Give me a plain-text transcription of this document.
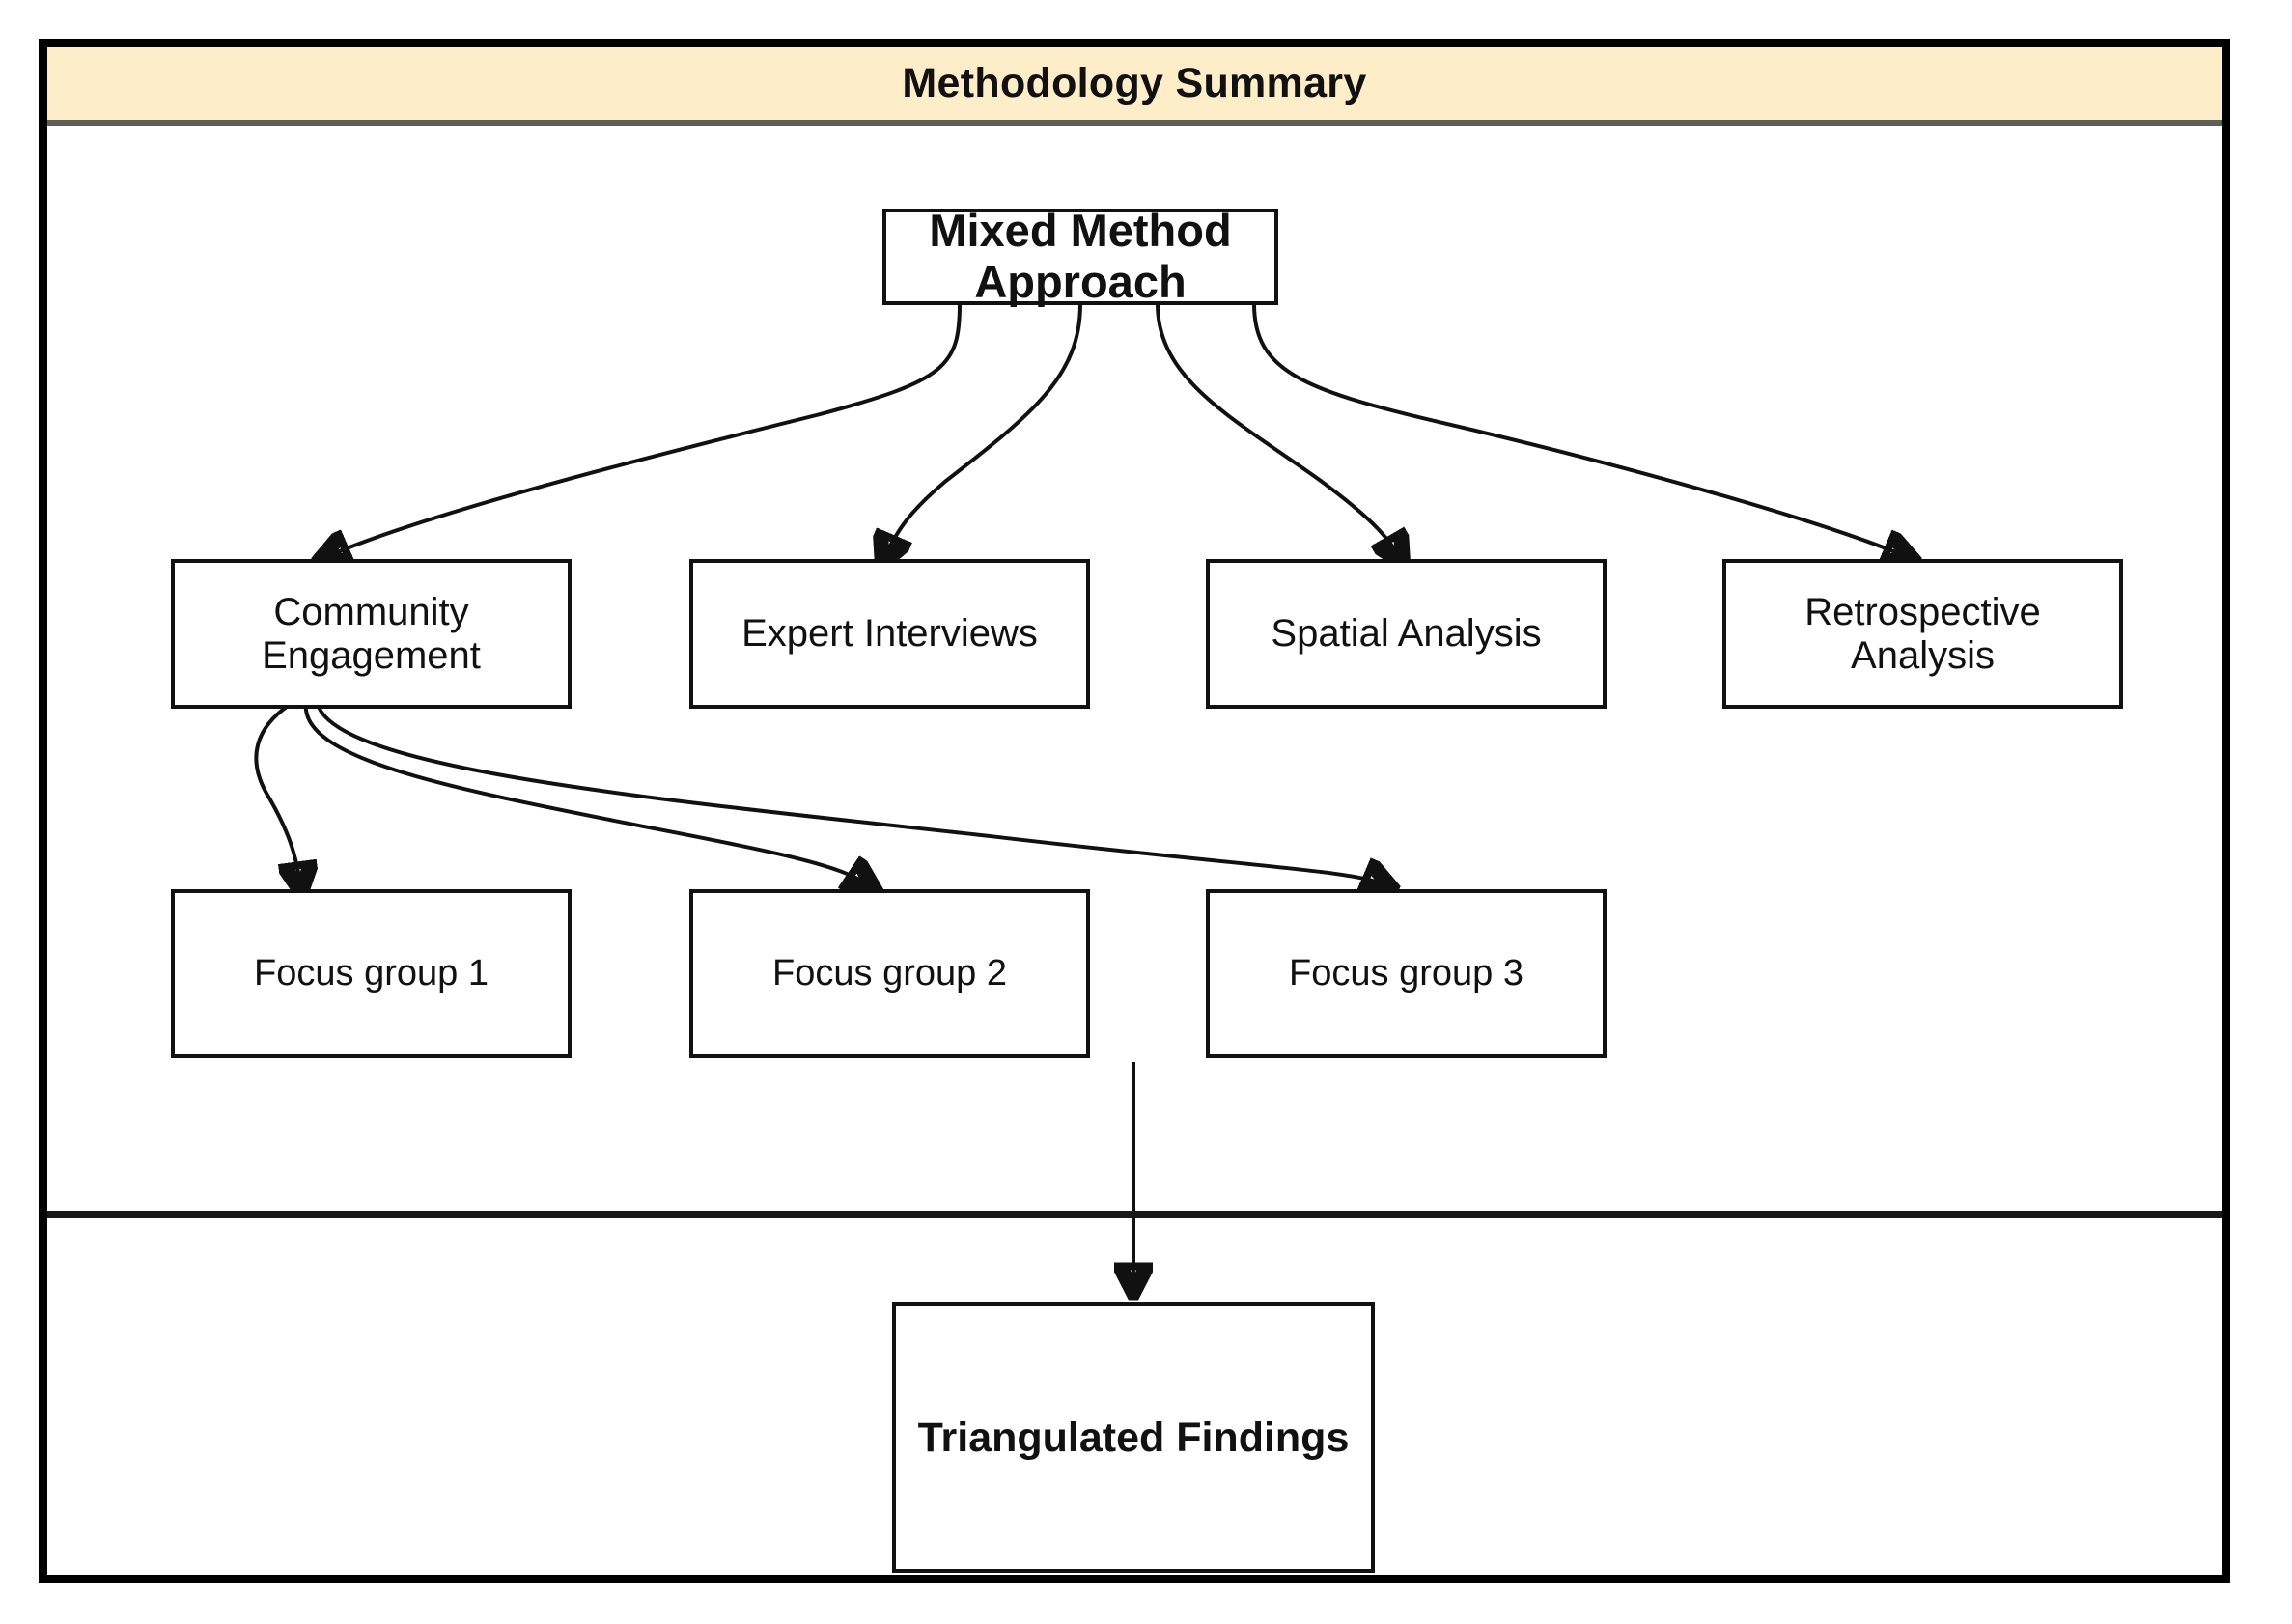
Methodology Summary
Mixed Method Approach
Community Engagement
Expert Interviews	Spatial Analysis
Retrospective Analysis
Focus group 1	Focus group 2	Focus group 3
Triangulated Findings
